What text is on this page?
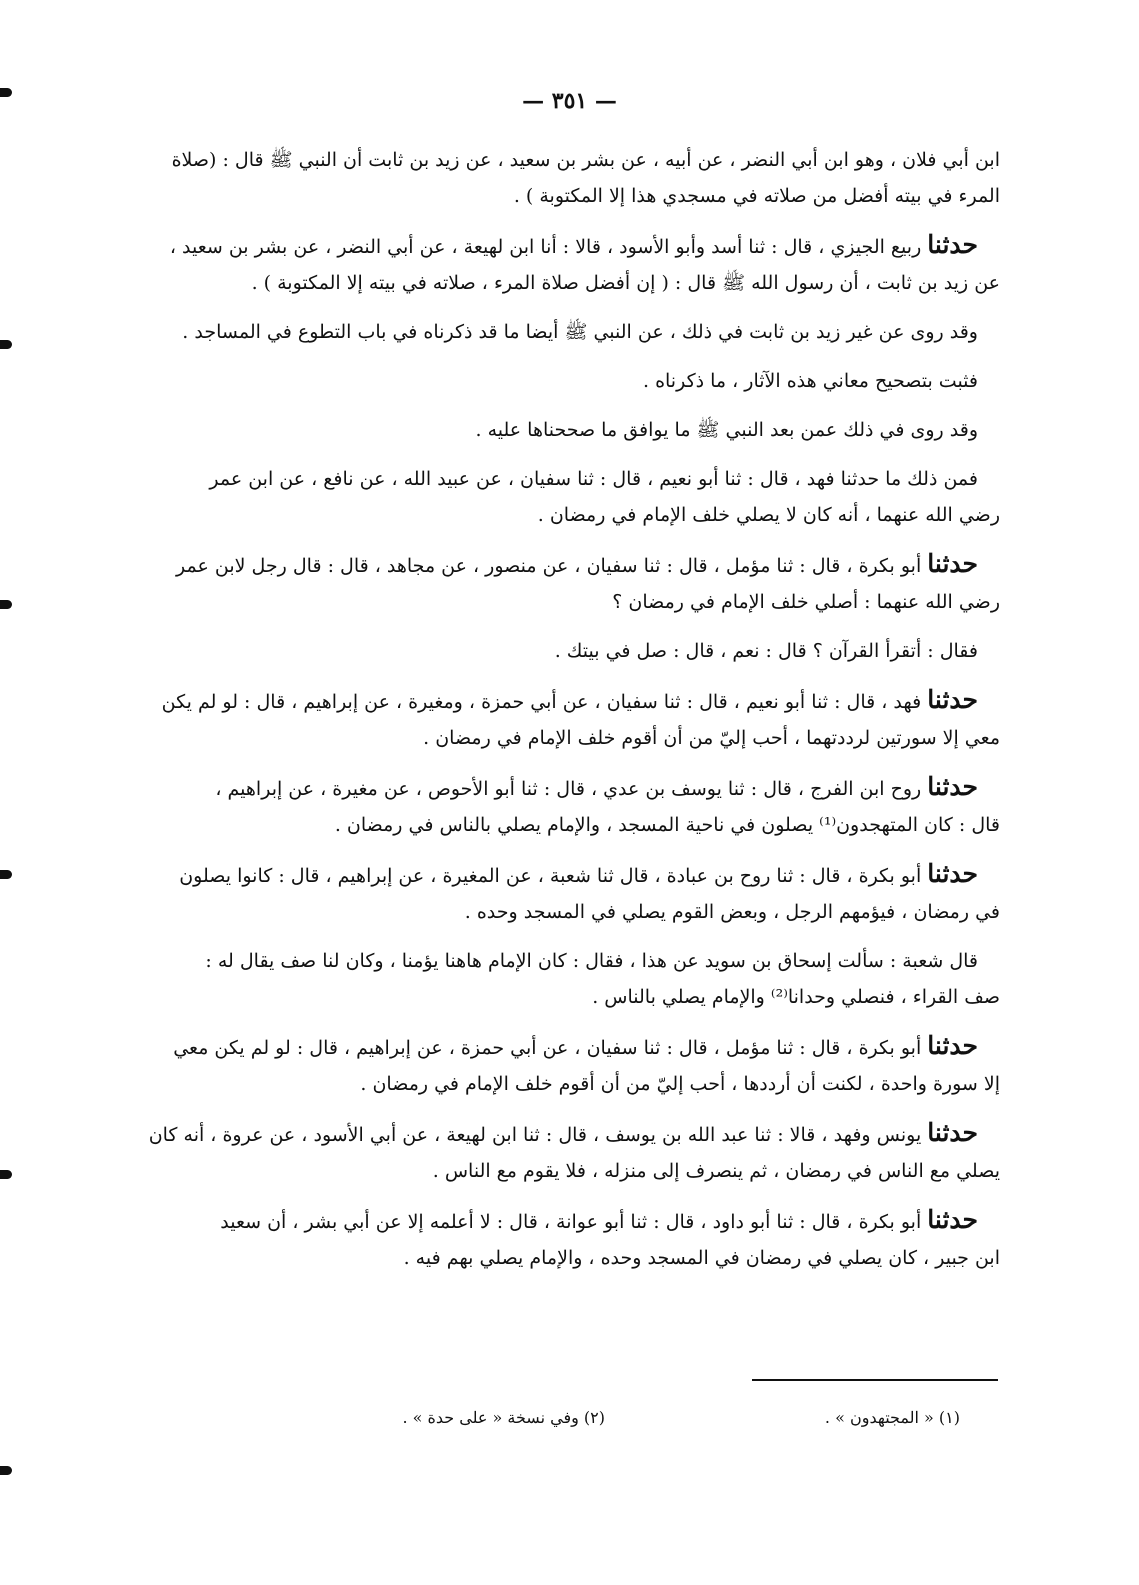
— ٣٥١ —

ابن أبي فلان ، وهو ابن أبي النضر ، عن أبيه ، عن بشر بن سعيد ، عن زيد بن ثابت أن النبي ﷺ قال : (صلاة

المرء في بيته أفضل من صلاته في مسجدي هذا إلا المكتوبة ) .

حدثنا ربيع الجيزي ، قال : ثنا أسد وأبو الأسود ، قالا : أنا ابن لهيعة ، عن أبي النضر ، عن بشر بن سعيد ،

عن زيد بن ثابت ، أن رسول الله ﷺ قال : ( إن أفضل صلاة المرء ، صلاته في بيته إلا المكتوبة ) .

وقد روى عن غير زيد بن ثابت في ذلك ، عن النبي ﷺ أيضا ما قد ذكرناه في باب التطوع في المساجد .

فثبت بتصحيح معاني هذه الآثار ، ما ذكرناه .

وقد روى في ذلك عمن بعد النبي ﷺ ما يوافق ما صححناها عليه .

فمن ذلك ما حدثنا فهد ، قال : ثنا أبو نعيم ، قال : ثنا سفيان ، عن عبيد الله ، عن نافع ، عن ابن عمر

رضي الله عنهما ، أنه كان لا يصلي خلف الإمام في رمضان .

حدثنا أبو بكرة ، قال : ثنا مؤمل ، قال : ثنا سفيان ، عن منصور ، عن مجاهد ، قال : قال رجل لابن عمر

رضي الله عنهما : أصلي خلف الإمام في رمضان ؟

فقال : أتقرأ القرآن ؟ قال : نعم ، قال : صل في بيتك .

حدثنا فهد ، قال : ثنا أبو نعيم ، قال : ثنا سفيان ، عن أبي حمزة ، ومغيرة ، عن إبراهيم ، قال : لو لم يكن

معي إلا سورتين لرددتهما ، أحب إليّ من أن أقوم خلف الإمام في رمضان .

حدثنا روح ابن الفرج ، قال : ثنا يوسف بن عدي ، قال : ثنا أبو الأحوص ، عن مغيرة ، عن إبراهيم ،

قال : كان المتهجدون⁽¹⁾ يصلون في ناحية المسجد ، والإمام يصلي بالناس في رمضان .

حدثنا أبو بكرة ، قال : ثنا روح بن عبادة ، قال ثنا شعبة ، عن المغيرة ، عن إبراهيم ، قال : كانوا يصلون

في رمضان ، فيؤمهم الرجل ، وبعض القوم يصلي في المسجد وحده .

قال شعبة : سألت إسحاق بن سويد عن هذا ، فقال : كان الإمام هاهنا يؤمنا ، وكان لنا صف يقال له :

صف القراء ، فنصلي وحدانا⁽²⁾ والإمام يصلي بالناس .

حدثنا أبو بكرة ، قال : ثنا مؤمل ، قال : ثنا سفيان ، عن أبي حمزة ، عن إبراهيم ، قال : لو لم يكن معي

إلا سورة واحدة ، لكنت أن أرددها ، أحب إليّ من أن أقوم خلف الإمام في رمضان .

حدثنا يونس وفهد ، قالا : ثنا عبد الله بن يوسف ، قال : ثنا ابن لهيعة ، عن أبي الأسود ، عن عروة ، أنه كان

يصلي مع الناس في رمضان ، ثم ينصرف إلى منزله ، فلا يقوم مع الناس .

حدثنا أبو بكرة ، قال : ثنا أبو داود ، قال : ثنا أبو عوانة ، قال : لا أعلمه إلا عن أبي بشر ، أن سعيد

ابن جبير ، كان يصلي في رمضان في المسجد وحده ، والإمام يصلي بهم فيه .

(١) « المجتهدون » .
(٢) وفي نسخة « على حدة » .
